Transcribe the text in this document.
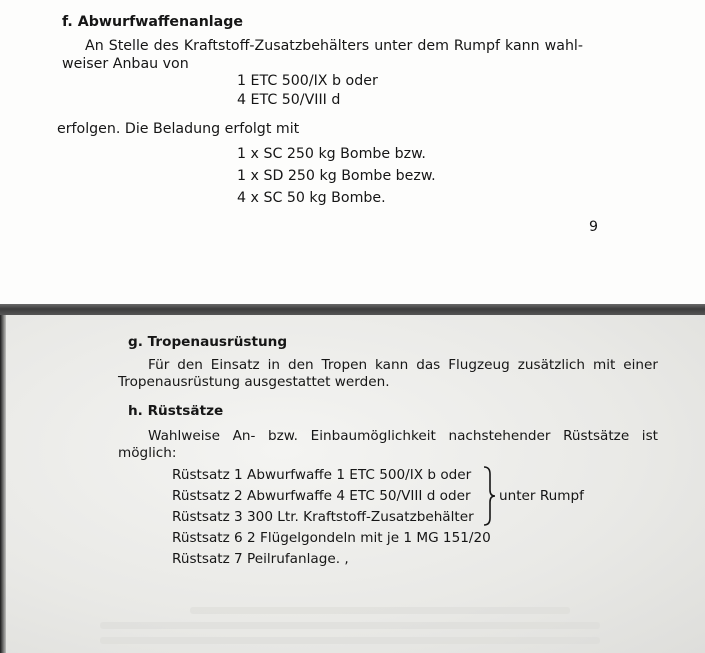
f. Abwurfwaffenanlage
An Stelle des Kraftstoff-Zusatzbehälters unter dem Rumpf kann wahl-
weiser Anbau von
1 ETC 500/IX b oder
4 ETC 50/VIII d
erfolgen. Die Beladung erfolgt mit
1 x SC 250 kg Bombe bzw.
1 x SD 250 kg Bombe bezw.
4 x SC 50 kg Bombe.
9
g. Tropenausrüstung
Für den Einsatz in den Tropen kann das Flugzeug zusätzlich mit einer
Tropenausrüstung ausgestattet werden.
h. Rüstsätze
Wahlweise An- bzw. Einbaumöglichkeit nachstehender Rüstsätze ist
möglich:
Rüstsatz 1 Abwurfwaffe 1 ETC 500/IX b oder
Rüstsatz 2 Abwurfwaffe 4 ETC 50/VIII d oder
Rüstsatz 3 300 Ltr. Kraftstoff-Zusatzbehälter
Rüstsatz 6 2 Flügelgondeln mit je 1 MG 151/20
Rüstsatz 7 Peilrufanlage. ,
unter Rumpf
